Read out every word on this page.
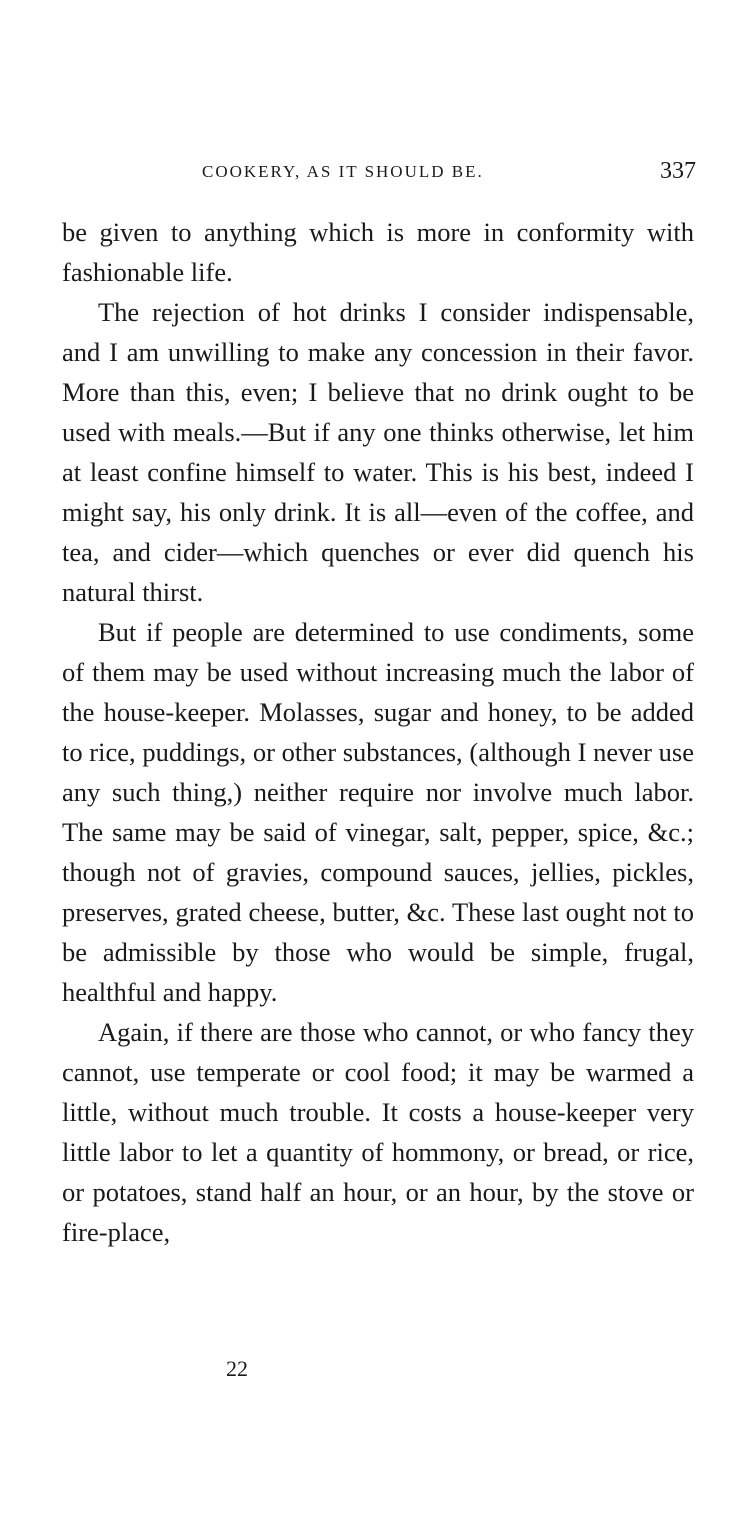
COOKERY, AS IT SHOULD BE.	337

be given to anything which is more in conformity with fashionable life.

The rejection of hot drinks I consider indispensable, and I am unwilling to make any concession in their favor. More than this, even; I believe that no drink ought to be used with meals.—But if any one thinks otherwise, let him at least confine himself to water. This is his best, indeed I might say, his only drink. It is all—even of the coffee, and tea, and cider—which quenches or ever did quench his natural thirst.

But if people are determined to use condiments, some of them may be used without increasing much the labor of the house-keeper. Molasses, sugar and honey, to be added to rice, puddings, or other substances, (although I never use any such thing,) neither require nor involve much labor. The same may be said of vinegar, salt, pepper, spice, &c.; though not of gravies, compound sauces, jellies, pickles, preserves, grated cheese, butter, &c. These last ought not to be admissible by those who would be simple, frugal, healthful and happy.

Again, if there are those who cannot, or who fancy they cannot, use temperate or cool food; it may be warmed a little, without much trouble. It costs a house-keeper very little labor to let a quantity of hommony, or bread, or rice, or potatoes, stand half an hour, or an hour, by the stove or fire-place,

22
